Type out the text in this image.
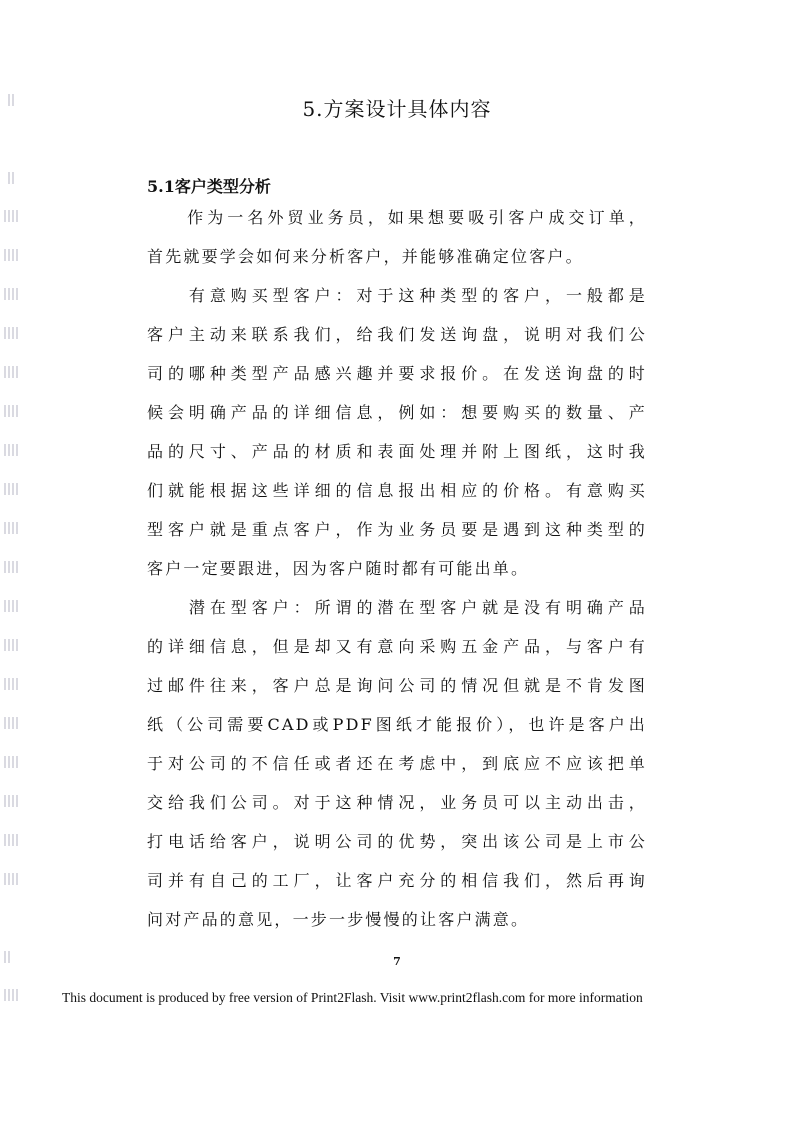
5.方案设计具体内容
5.1客户类型分析
　　作为一名外贸业务员，如果想要吸引客户成交订单，
首先就要学会如何来分析客户，并能够准确定位客户。
　　有意购买型客户：对于这种类型的客户，一般都是
客户主动来联系我们，给我们发送询盘，说明对我们公
司的哪种类型产品感兴趣并要求报价。在发送询盘的时
候会明确产品的详细信息，例如：想要购买的数量、产
品的尺寸、产品的材质和表面处理并附上图纸，这时我
们就能根据这些详细的信息报出相应的价格。有意购买
型客户就是重点客户，作为业务员要是遇到这种类型的
客户一定要跟进，因为客户随时都有可能出单。
　　潜在型客户：所谓的潜在型客户就是没有明确产品
的详细信息，但是却又有意向采购五金产品，与客户有
过邮件往来，客户总是询问公司的情况但就是不肯发图
纸（公司需要CAD或PDF图纸才能报价），也许是客户出
于对公司的不信任或者还在考虑中，到底应不应该把单
交给我们公司。对于这种情况，业务员可以主动出击，
打电话给客户，说明公司的优势，突出该公司是上市公
司并有自己的工厂，让客户充分的相信我们，然后再询
问对产品的意见，一步一步慢慢的让客户满意。
7
This document is produced by free version of Print2Flash. Visit www.print2flash.com for more information
